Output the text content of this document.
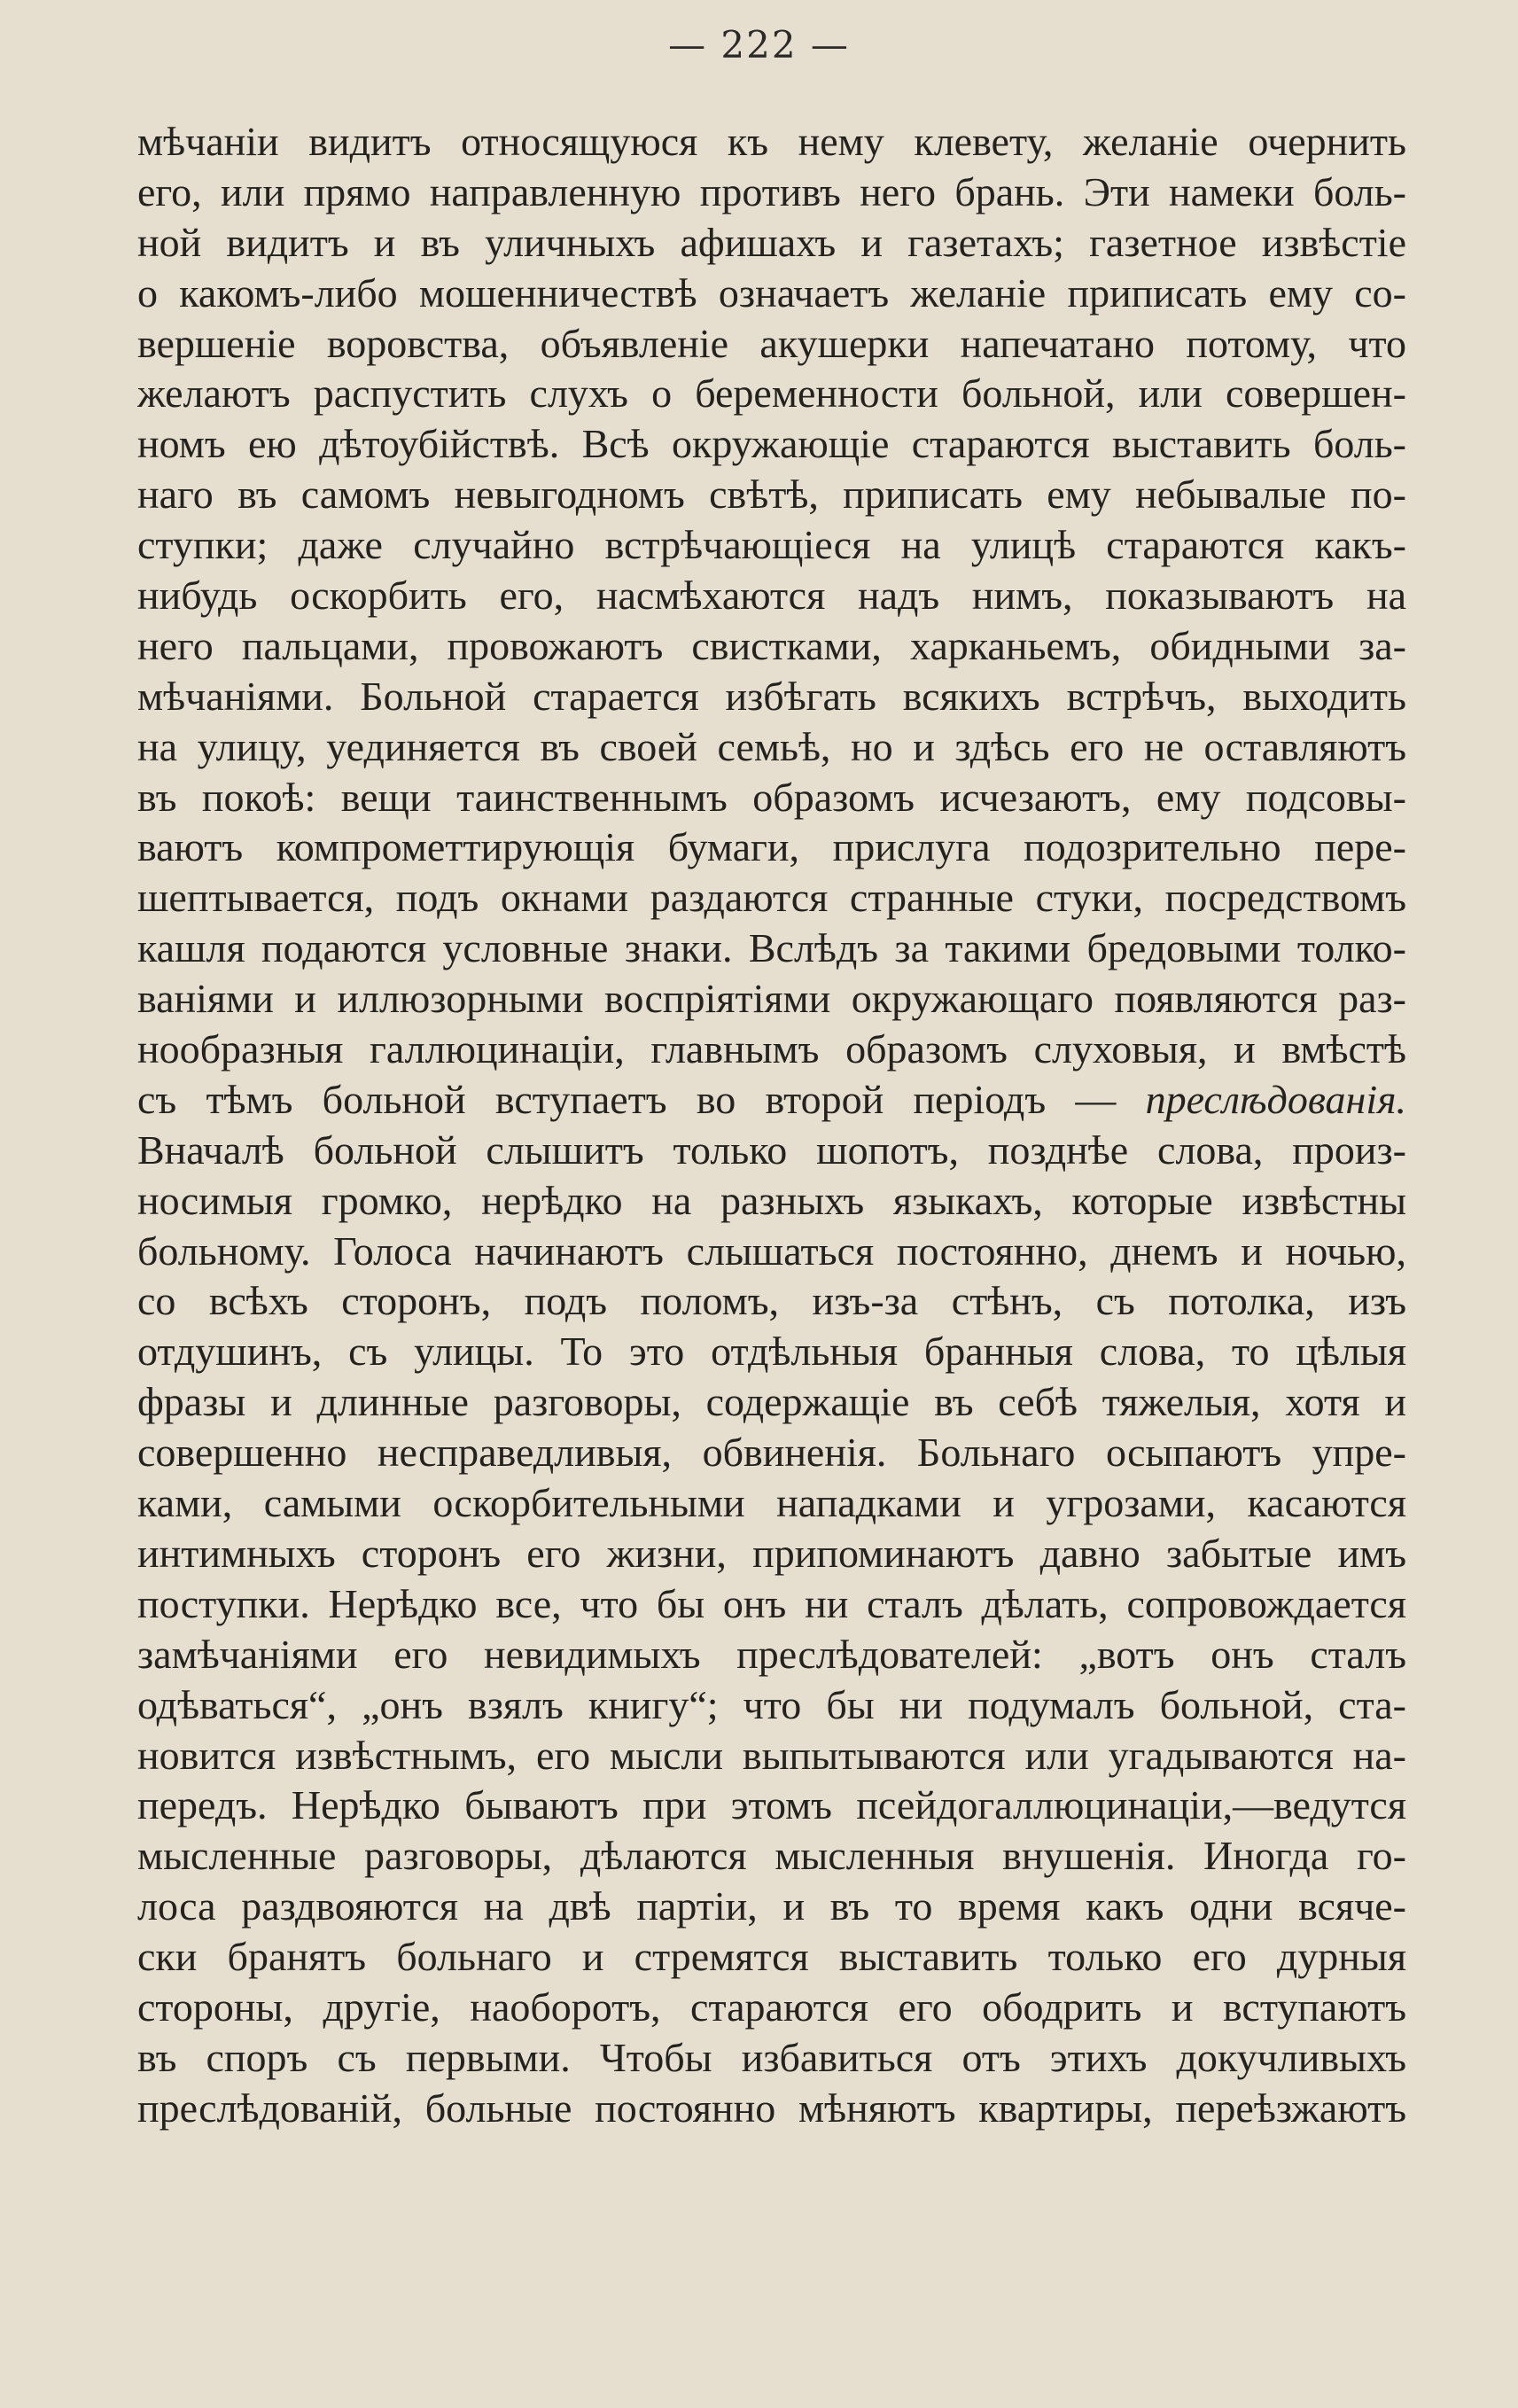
— 222 —
мѣчаніи видитъ относящуюся къ нему клевету, желаніе очернить
его, или прямо направленную противъ него брань. Эти намеки боль-
ной видитъ и въ уличныхъ афишахъ и газетахъ; газетное извѣстіе
о какомъ-либо мошенничествѣ означаетъ желаніе приписать ему со-
вершеніе воровства, объявленіе акушерки напечатано потому, что
желаютъ распустить слухъ о беременности больной, или совершен-
номъ ею дѣтоубійствѣ. Всѣ окружающіе стараются выставить боль-
наго въ самомъ невыгодномъ свѣтѣ, приписать ему небывалые по-
ступки; даже случайно встрѣчающіеся на улицѣ стараются какъ-
нибудь оскорбить его, насмѣхаются надъ нимъ, показываютъ на
него пальцами, провожаютъ свистками, харканьемъ, обидными за-
мѣчаніями. Больной старается избѣгать всякихъ встрѣчъ, выходить
на улицу, уединяется въ своей семьѣ, но и здѣсь его не оставляютъ
въ покоѣ: вещи таинственнымъ образомъ исчезаютъ, ему подсовы-
ваютъ компрометтирующія бумаги, прислуга подозрительно пере-
шептывается, подъ окнами раздаются странные стуки, посредствомъ
кашля подаются условные знаки. Вслѣдъ за такими бредовыми толко-
ваніями и иллюзорными воспріятіями окружающаго появляются раз-
нообразныя галлюцинаціи, главнымъ образомъ слуховыя, и вмѣстѣ
съ тѣмъ больной вступаетъ во второй періодъ — преслѣдованія.
Вначалѣ больной слышитъ только шопотъ, позднѣе слова, произ-
носимыя громко, нерѣдко на разныхъ языкахъ, которые извѣстны
больному. Голоса начинаютъ слышаться постоянно, днемъ и ночью,
со всѣхъ сторонъ, подъ поломъ, изъ-за стѣнъ, съ потолка, изъ
отдушинъ, съ улицы. То это отдѣльныя бранныя слова, то цѣлыя
фразы и длинные разговоры, содержащіе въ себѣ тяжелыя, хотя и
совершенно несправедливыя, обвиненія. Больнаго осыпаютъ упре-
ками, самыми оскорбительными нападками и угрозами, касаются
интимныхъ сторонъ его жизни, припоминаютъ давно забытые имъ
поступки. Нерѣдко все, что бы онъ ни сталъ дѣлать, сопровождается
замѣчаніями его невидимыхъ преслѣдователей: „вотъ онъ сталъ
одѣваться“, „онъ взялъ книгу“; что бы ни подумалъ больной, ста-
новится извѣстнымъ, его мысли выпытываются или угадываются на-
передъ. Нерѣдко бываютъ при этомъ псейдогаллюцинаціи,—ведутся
мысленные разговоры, дѣлаются мысленныя внушенія. Иногда го-
лоса раздвояются на двѣ партіи, и въ то время какъ одни всяче-
ски бранятъ больнаго и стремятся выставить только его дурныя
стороны, другіе, наоборотъ, стараются его ободрить и вступаютъ
въ споръ съ первыми. Чтобы избавиться отъ этихъ докучливыхъ
преслѣдованій, больные постоянно мѣняютъ квартиры, переѣзжаютъ
